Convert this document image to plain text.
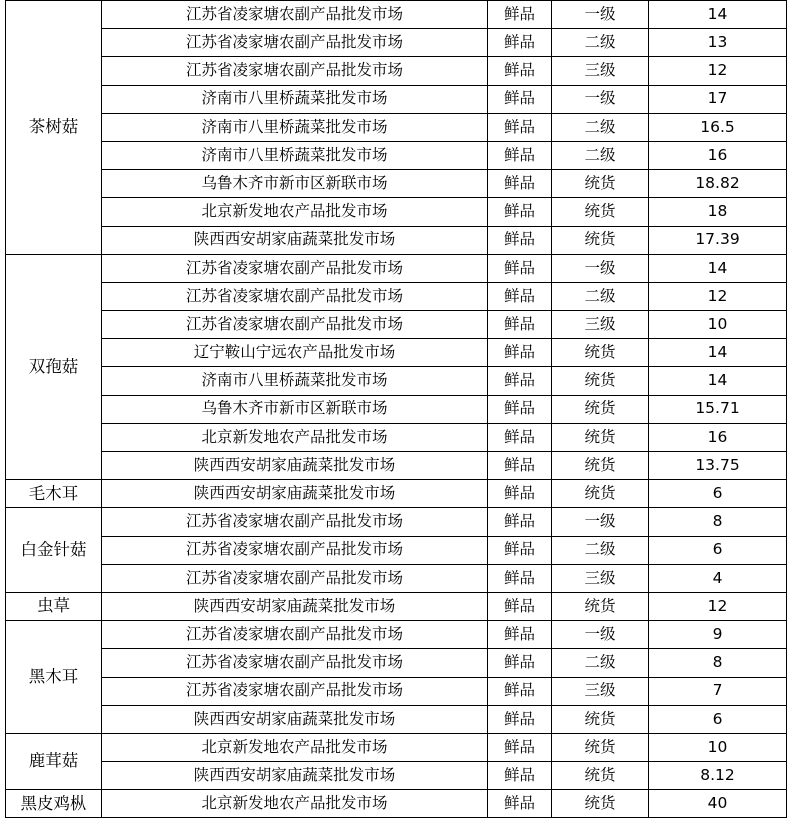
茶树菇	江苏省凌家塘农副产品批发市场	鲜品	一级	14
	江苏省凌家塘农副产品批发市场	鲜品	二级	13
	江苏省凌家塘农副产品批发市场	鲜品	三级	12
	济南市八里桥蔬菜批发市场	鲜品	一级	17
	济南市八里桥蔬菜批发市场	鲜品	二级	16.5
	济南市八里桥蔬菜批发市场	鲜品	二级	16
	乌鲁木齐市新市区新联市场	鲜品	统货	18.82
	北京新发地农产品批发市场	鲜品	统货	18
	陕西西安胡家庙蔬菜批发市场	鲜品	统货	17.39
双孢菇	江苏省凌家塘农副产品批发市场	鲜品	一级	14
	江苏省凌家塘农副产品批发市场	鲜品	二级	12
	江苏省凌家塘农副产品批发市场	鲜品	三级	10
	辽宁鞍山宁远农产品批发市场	鲜品	统货	14
	济南市八里桥蔬菜批发市场	鲜品	统货	14
	乌鲁木齐市新市区新联市场	鲜品	统货	15.71
	北京新发地农产品批发市场	鲜品	统货	16
	陕西西安胡家庙蔬菜批发市场	鲜品	统货	13.75
毛木耳	陕西西安胡家庙蔬菜批发市场	鲜品	统货	6
白金针菇	江苏省凌家塘农副产品批发市场	鲜品	一级	8
	江苏省凌家塘农副产品批发市场	鲜品	二级	6
	江苏省凌家塘农副产品批发市场	鲜品	三级	4
虫草	陕西西安胡家庙蔬菜批发市场	鲜品	统货	12
黑木耳	江苏省凌家塘农副产品批发市场	鲜品	一级	9
	江苏省凌家塘农副产品批发市场	鲜品	二级	8
	江苏省凌家塘农副产品批发市场	鲜品	三级	7
	陕西西安胡家庙蔬菜批发市场	鲜品	统货	6
鹿茸菇	北京新发地农产品批发市场	鲜品	统货	10
	陕西西安胡家庙蔬菜批发市场	鲜品	统货	8.12
黑皮鸡枞	北京新发地农产品批发市场	鲜品	统货	40
